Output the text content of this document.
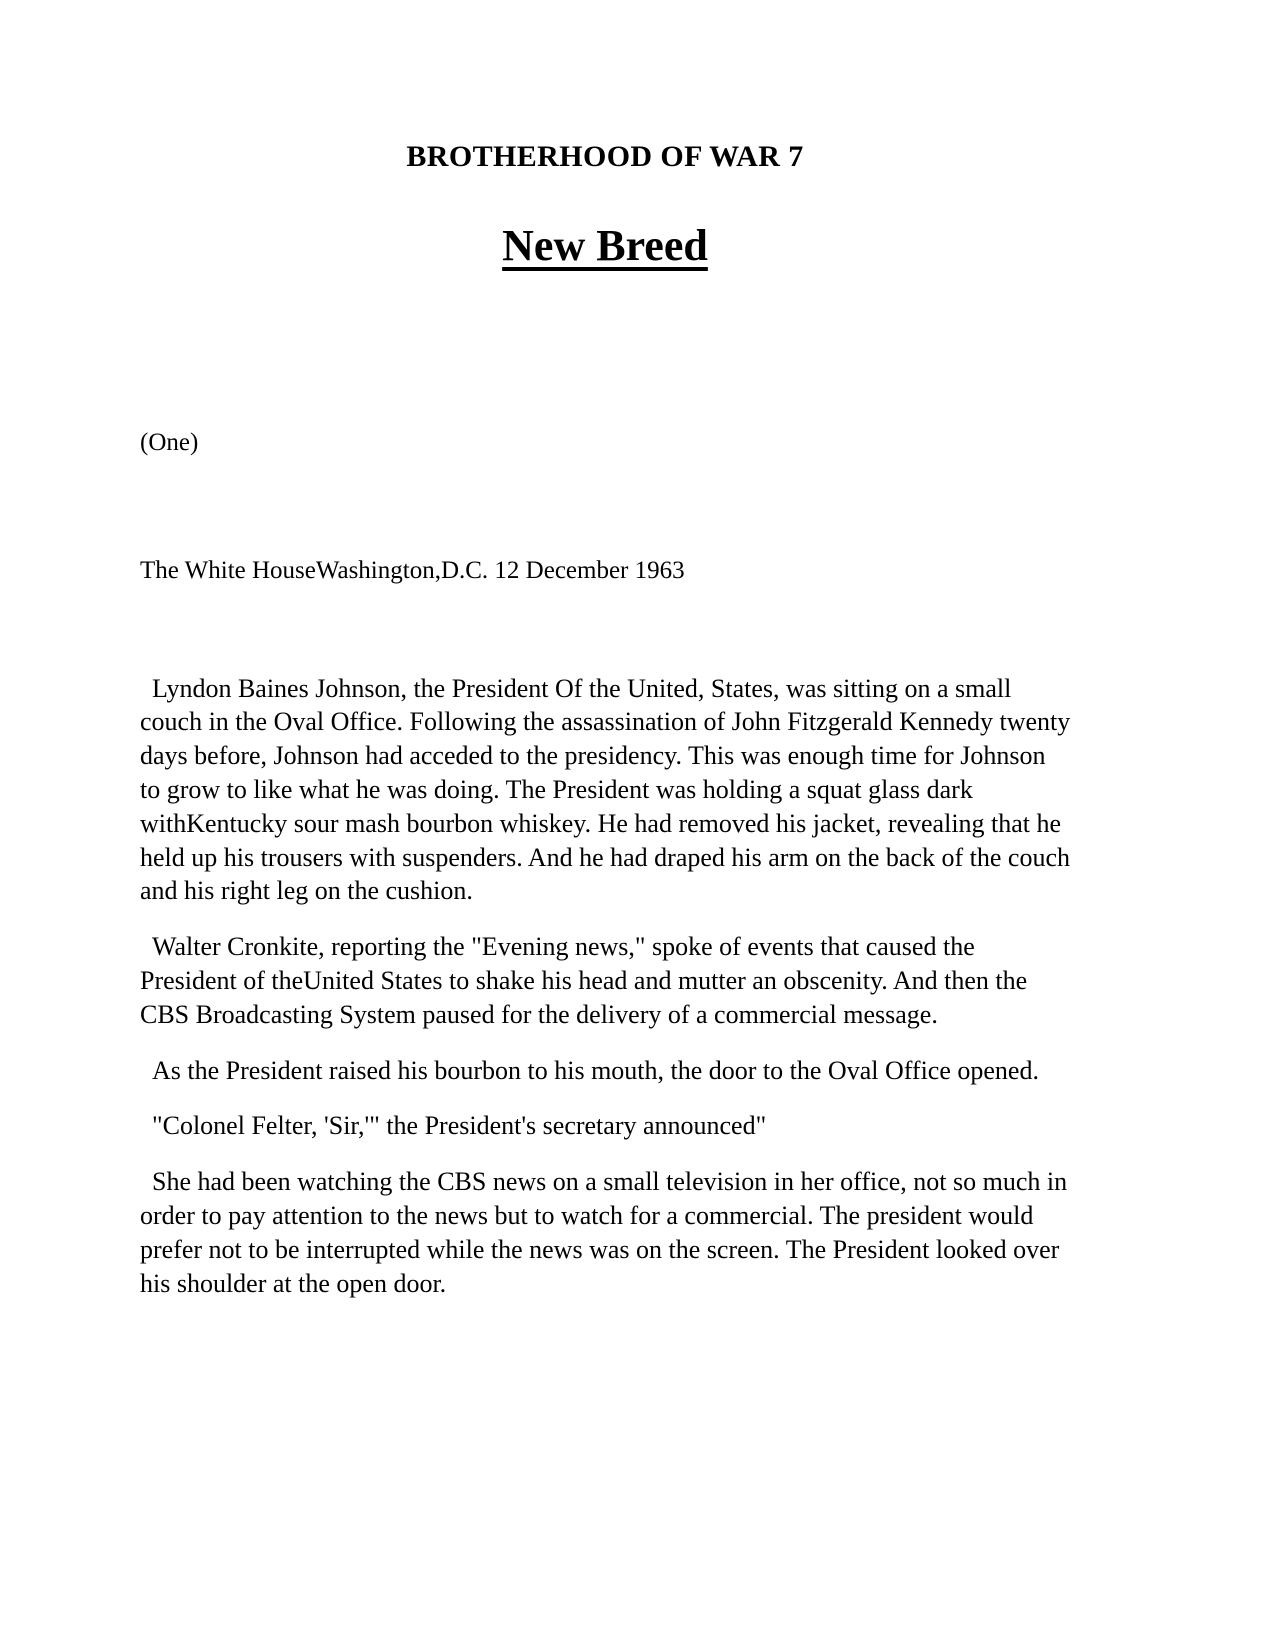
BROTHERHOOD OF WAR 7
New Breed

(One)

The White HouseWashington,D.C. 12 December 1963

Lyndon Baines Johnson, the President Of the United, States, was sitting on a small couch in the Oval Office. Following the assassination of John Fitzgerald Kennedy twenty days before, Johnson had acceded to the presidency. This was enough time for Johnson to grow to like what he was doing. The President was holding a squat glass dark withKentucky sour mash bourbon whiskey. He had removed his jacket, revealing that he held up his trousers with suspenders. And he had draped his arm on the back of the couch and his right leg on the cushion.

Walter Cronkite, reporting the "Evening news," spoke of events that caused the President of theUnited States to shake his head and mutter an obscenity. And then the CBS Broadcasting System paused for the delivery of a commercial message.

As the President raised his bourbon to his mouth, the door to the Oval Office opened.

"Colonel Felter, 'Sir,'" the President's secretary announced"

She had been watching the CBS news on a small television in her office, not so much in order to pay attention to the news but to watch for a commercial. The president would prefer not to be interrupted while the news was on the screen. The President looked over his shoulder at the open door.
